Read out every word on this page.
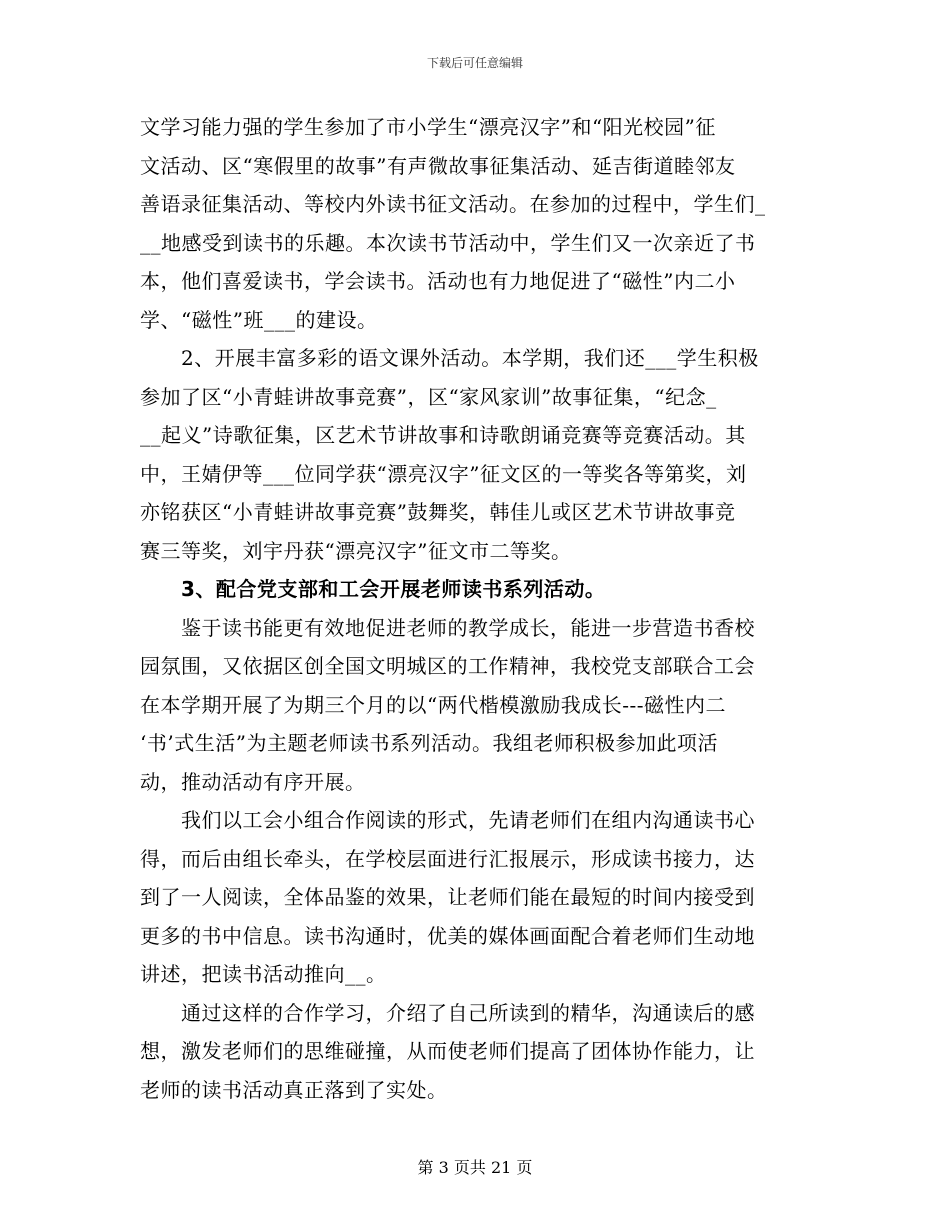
下载后可任意编辑
文学习能力强的学生参加了市小学生“漂亮汉字”和“阳光校园”征
文活动、区“寒假里的故事”有声微故事征集活动、延吉街道睦邻友
善语录征集活动、等校内外读书征文活动。在参加的过程中，学生们_
__地感受到读书的乐趣。本次读书节活动中，学生们又一次亲近了书
本，他们喜爱读书，学会读书。活动也有力地促进了“磁性”内二小
学、“磁性”班___的建设。
　　2、开展丰富多彩的语文课外活动。本学期，我们还___学生积极
参加了区“小青蛙讲故事竞赛”，区“家风家训”故事征集，“纪念_
__起义”诗歌征集，区艺术节讲故事和诗歌朗诵竞赛等竞赛活动。其
中，王婧伊等___位同学获“漂亮汉字”征文区的一等奖各等第奖，刘
亦铭获区“小青蛙讲故事竞赛”鼓舞奖，韩佳儿或区艺术节讲故事竞
赛三等奖，刘宇丹获“漂亮汉字”征文市二等奖。
　　3、配合党支部和工会开展老师读书系列活动。
　　鉴于读书能更有效地促进老师的教学成长，能进一步营造书香校
园氛围，又依据区创全国文明城区的工作精神，我校党支部联合工会
在本学期开展了为期三个月的以“两代楷模激励我成长---磁性内二
‘书’式生活”为主题老师读书系列活动。我组老师积极参加此项活
动，推动活动有序开展。
　　我们以工会小组合作阅读的形式，先请老师们在组内沟通读书心
得，而后由组长牵头，在学校层面进行汇报展示，形成读书接力，达
到了一人阅读，全体品鉴的效果，让老师们能在最短的时间内接受到
更多的书中信息。读书沟通时，优美的媒体画面配合着老师们生动地
讲述，把读书活动推向__。
　　通过这样的合作学习，介绍了自己所读到的精华，沟通读后的感
想，激发老师们的思维碰撞，从而使老师们提高了团体协作能力，让
老师的读书活动真正落到了实处。
第 3 页共 21 页
